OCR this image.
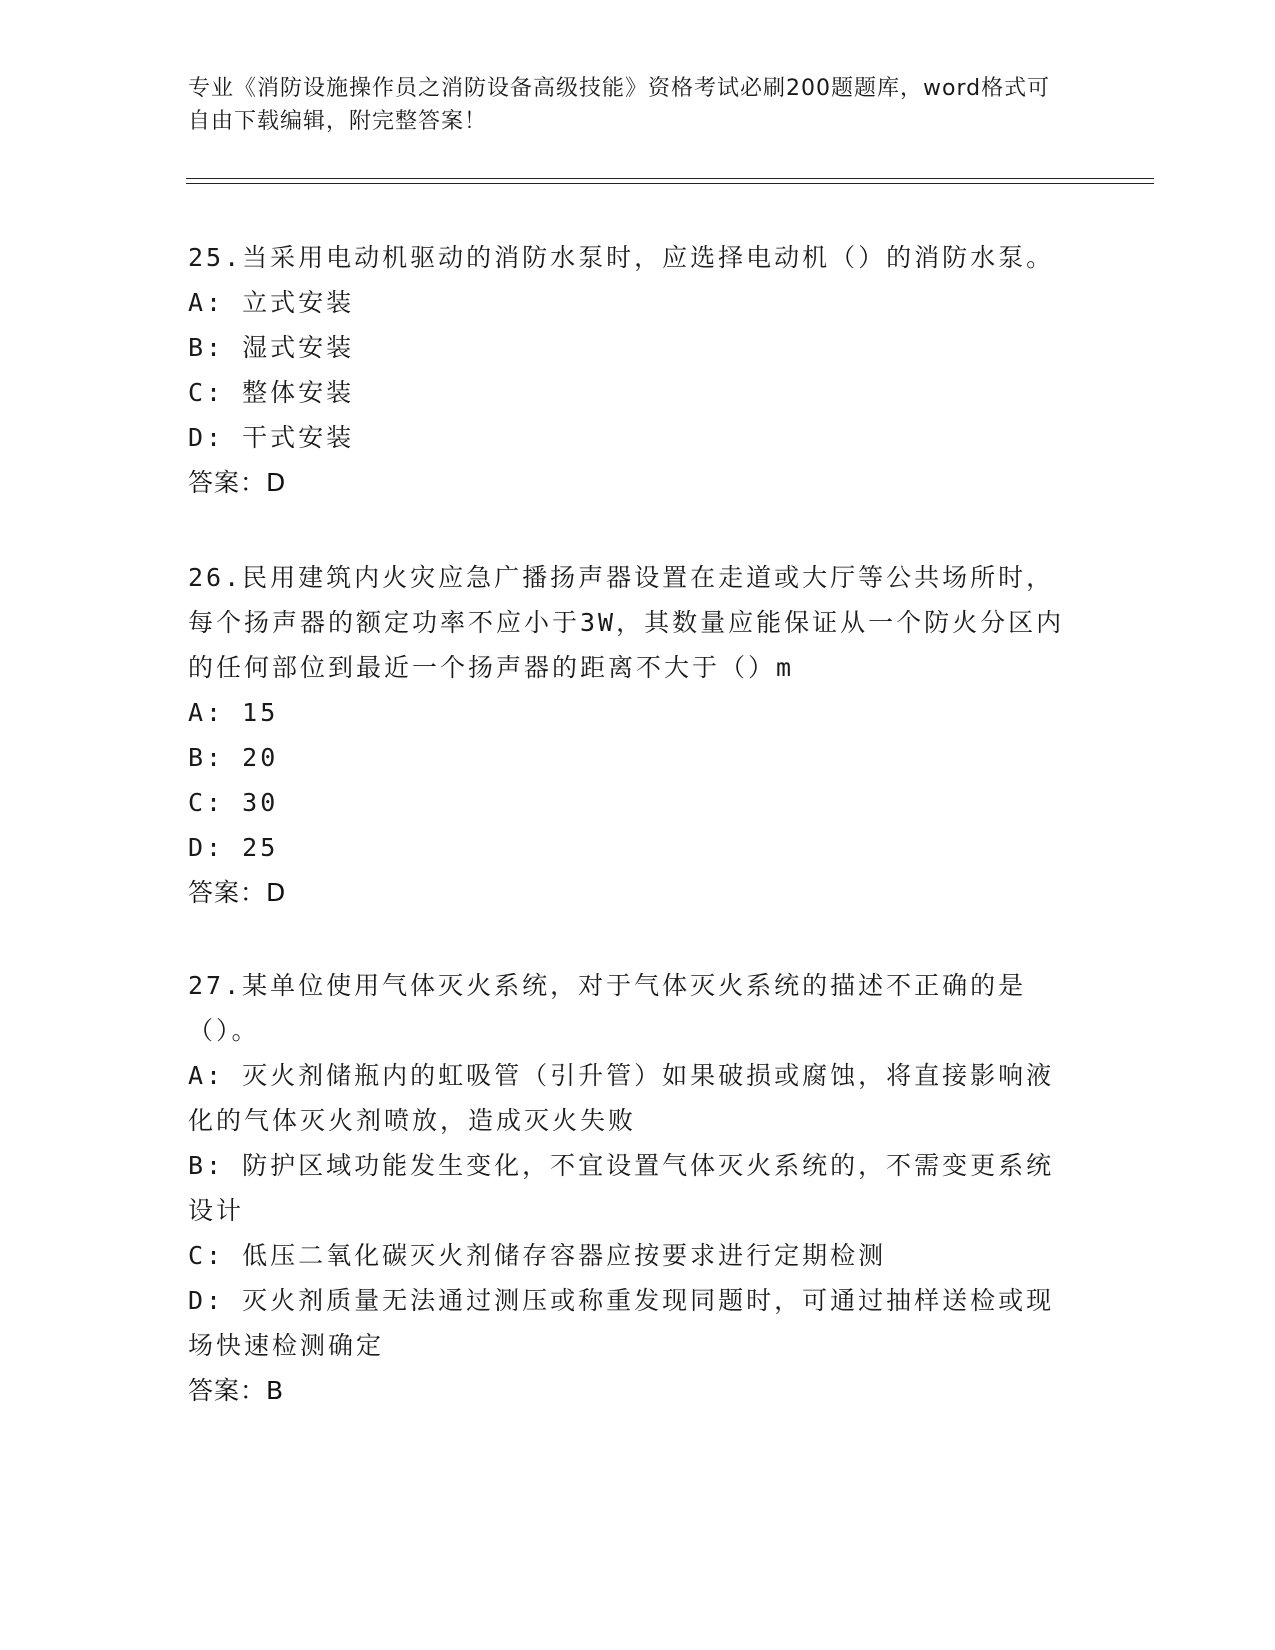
专业《消防设施操作员之消防设备高级技能》资格考试必刷200题题库，word格式可自由下载编辑，附完整答案！

25.当采用电动机驱动的消防水泵时，应选择电动机（）的消防水泵。

A: 立式安装

B: 湿式安装

C: 整体安装

D: 干式安装

答案：D

26.民用建筑内火灾应急广播扬声器设置在走道或大厅等公共场所时，每个扬声器的额定功率不应小于3W，其数量应能保证从一个防火分区内的任何部位到最近一个扬声器的距离不大于（）m

A: 15

B: 20

C: 30

D: 25

答案：D

27.某单位使用气体灭火系统，对于气体灭火系统的描述不正确的是（）。

A: 灭火剂储瓶内的虹吸管（引升管）如果破损或腐蚀，将直接影响液化的气体灭火剂喷放，造成灭火失败

B: 防护区域功能发生变化，不宜设置气体灭火系统的，不需变更系统设计

C: 低压二氧化碳灭火剂储存容器应按要求进行定期检测

D: 灭火剂质量无法通过测压或称重发现同题时，可通过抽样送检或现场快速检测确定

答案：B
